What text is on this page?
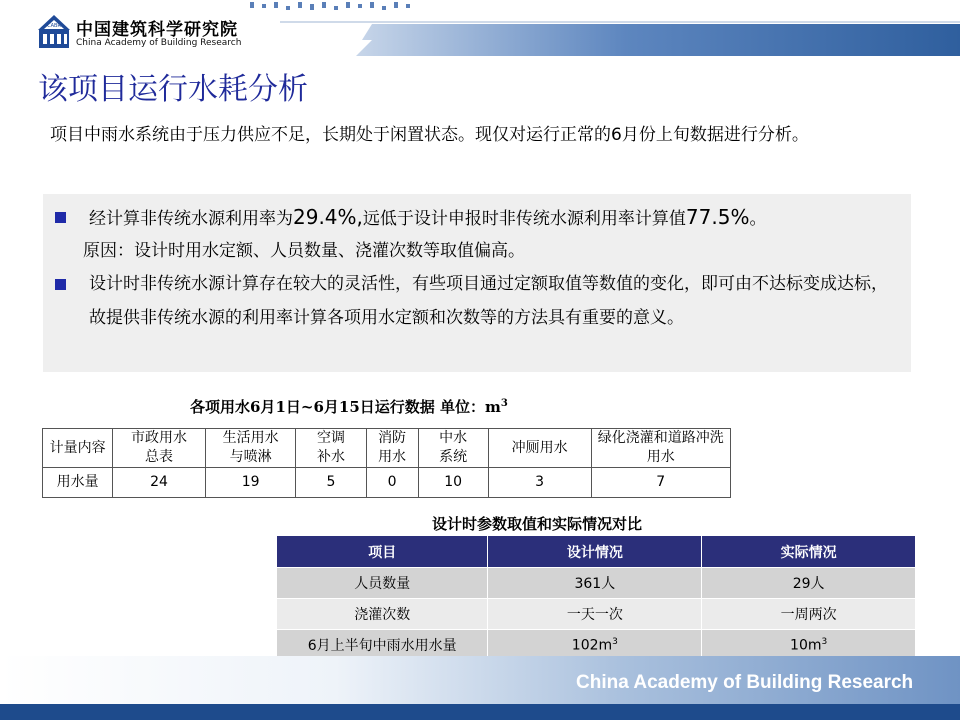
CABR 中国建筑科学研究院
China Academy of Building Research
该项目运行水耗分析
项目中雨水系统由于压力供应不足，长期处于闲置状态。现仅对运行正常的6月份上旬数据进行分析。
经计算非传统水源利用率为29.4%,远低于设计申报时非传统水源利用率计算值77.5%。
原因：设计时用水定额、人员数量、浇灌次数等取值偏高。
设计时非传统水源计算存在较大的灵活性，有些项目通过定额取值等数值的变化，即可由不达标变成达标，故提供非传统水源的利用率计算各项用水定额和次数等的方法具有重要的意义。
各项用水6月1日~6月15日运行数据 单位：$m^3$
计量内容	市政用水总表	生活用水与喷淋	空调补水	消防用水	中水系统	冲厕用水	绿化浇灌和道路冲洗用水
用水量	24	19	5	0	10	3	7
设计时参数取值和实际情况对比
项目	设计情况	实际情况
人员数量	361人	29人
浇灌次数	一天一次	一周两次
6月上半旬中雨水用水量	$102m^3$	$10m^3$
China Academy of Building Research
